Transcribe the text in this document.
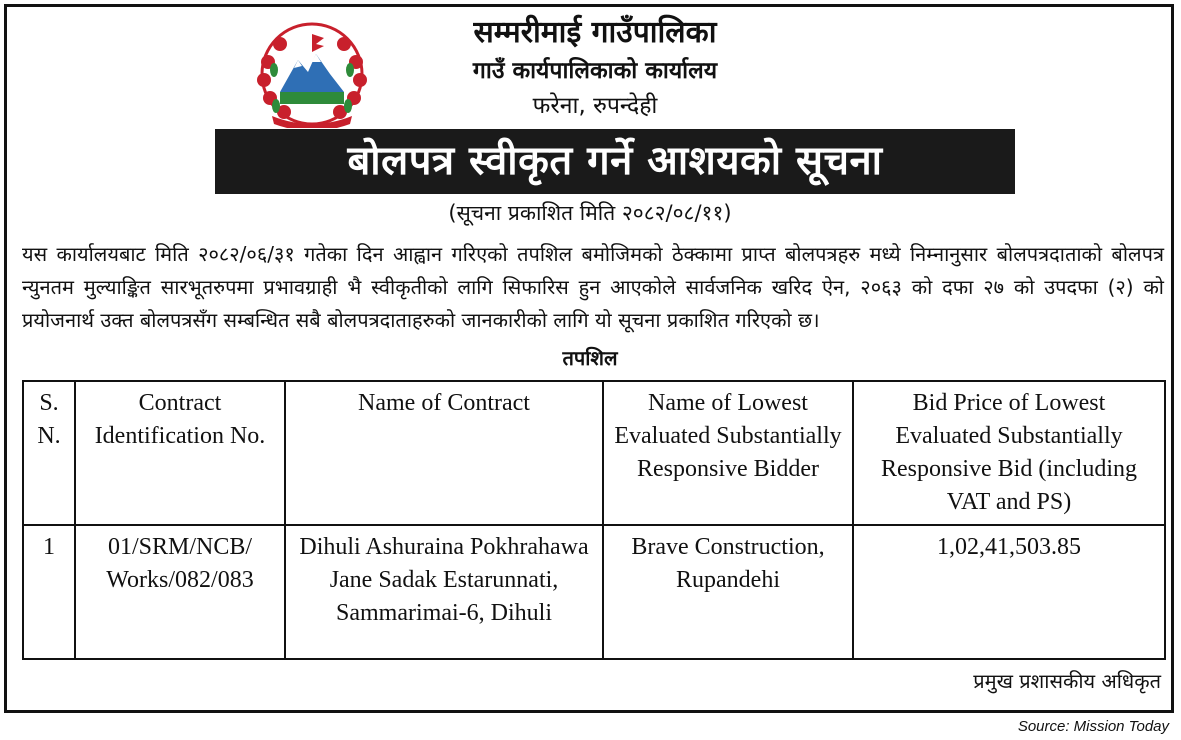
सम्मरीमाई गाउँपालिका
गाउँ कार्यपालिकाको कार्यालय
फरेना, रुपन्देही
बोलपत्र स्वीकृत गर्ने आशयको सूचना
(सूचना प्रकाशित मिति २०८२/०८/११)
यस कार्यालयबाट मिति २०८२/०६/३१ गतेका दिन आह्वान गरिएको तपशिल बमोजिमको ठेक्कामा प्राप्त बोलपत्रहरु मध्ये निम्नानुसार बोलपत्रदाताको बोलपत्र न्युनतम मुल्याङ्कित सारभूतरुपमा प्रभावग्राही भै स्वीकृतीको लागि सिफारिस हुन आएकोले सार्वजनिक खरिद ऐन, २०६३ को दफा २७ को उपदफा (२) को प्रयोजनार्थ उक्त बोलपत्रसँग सम्बन्धित सबै बोलपत्रदाताहरुको जानकारीको लागि यो सूचना प्रकाशित गरिएको छ।
तपशिल
S. N.	Contract Identification No.	Name of Contract	Name of Lowest Evaluated Substantially Responsive Bidder	Bid Price of Lowest Evaluated Substantially Responsive Bid (including VAT and PS)
1	01/SRM/NCB/ Works/082/083	Dihuli Ashuraina Pokhrahawa Jane Sadak Estarunnati, Sammarimai-6, Dihuli	Brave Construction, Rupandehi	1,02,41,503.85
प्रमुख प्रशासकीय अधिकृत
Source: Mission Today
